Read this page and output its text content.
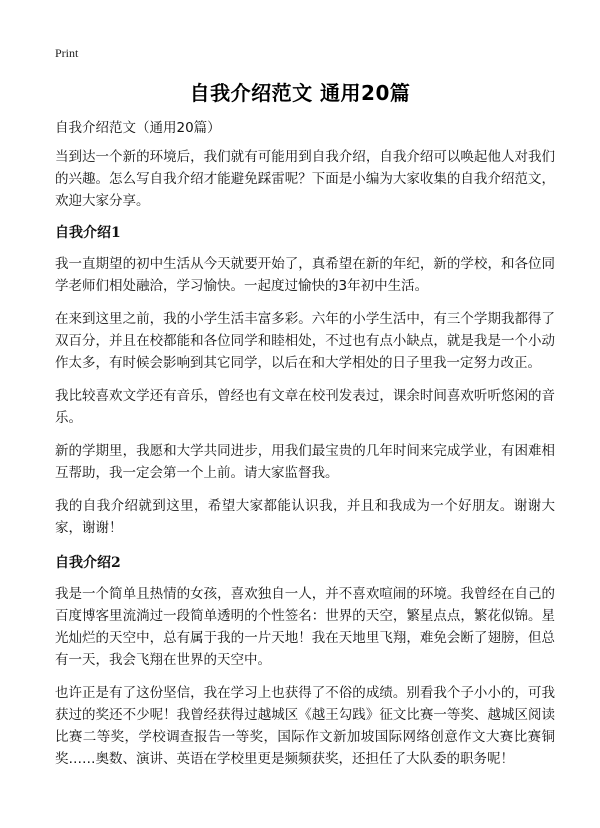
Print
自我介绍范文 通用20篇

自我介绍范文（通用20篇）

当到达一个新的环境后，我们就有可能用到自我介绍，自我介绍可以唤起他人对我们的兴趣。怎么写自我介绍才能避免踩雷呢？下面是小编为大家收集的自我介绍范文，欢迎大家分享。

自我介绍1

我一直期望的初中生活从今天就要开始了，真希望在新的年纪，新的学校，和各位同学老师们相处融洽，学习愉快。一起度过愉快的3年初中生活。

在来到这里之前，我的小学生活丰富多彩。六年的小学生活中，有三个学期我都得了双百分，并且在校都能和各位同学和睦相处，不过也有点小缺点，就是我是一个小动作太多，有时候会影响到其它同学，以后在和大学相处的日子里我一定努力改正。

我比较喜欢文学还有音乐，曾经也有文章在校刊发表过，课余时间喜欢听听悠闲的音乐。

新的学期里，我愿和大学共同进步，用我们最宝贵的几年时间来完成学业，有困难相互帮助，我一定会第一个上前。请大家监督我。

我的自我介绍就到这里，希望大家都能认识我，并且和我成为一个好朋友。谢谢大家，谢谢！

自我介绍2

我是一个简单且热情的女孩，喜欢独自一人，并不喜欢喧闹的环境。我曾经在自己的百度博客里流淌过一段简单透明的个性签名：世界的天空，繁星点点，繁花似锦。星光灿烂的天空中，总有属于我的一片天地！我在天地里飞翔，难免会断了翅膀，但总有一天，我会飞翔在世界的天空中。

也许正是有了这份坚信，我在学习上也获得了不俗的成绩。别看我个子小小的，可我获过的奖还不少呢！我曾经获得过越城区《越王勾践》征文比赛一等奖、越城区阅读比赛二等奖，学校调查报告一等奖，国际作文新加坡国际网络创意作文大赛比赛铜奖……奥数、演讲、英语在学校里更是频频获奖，还担任了大队委的职务呢！
